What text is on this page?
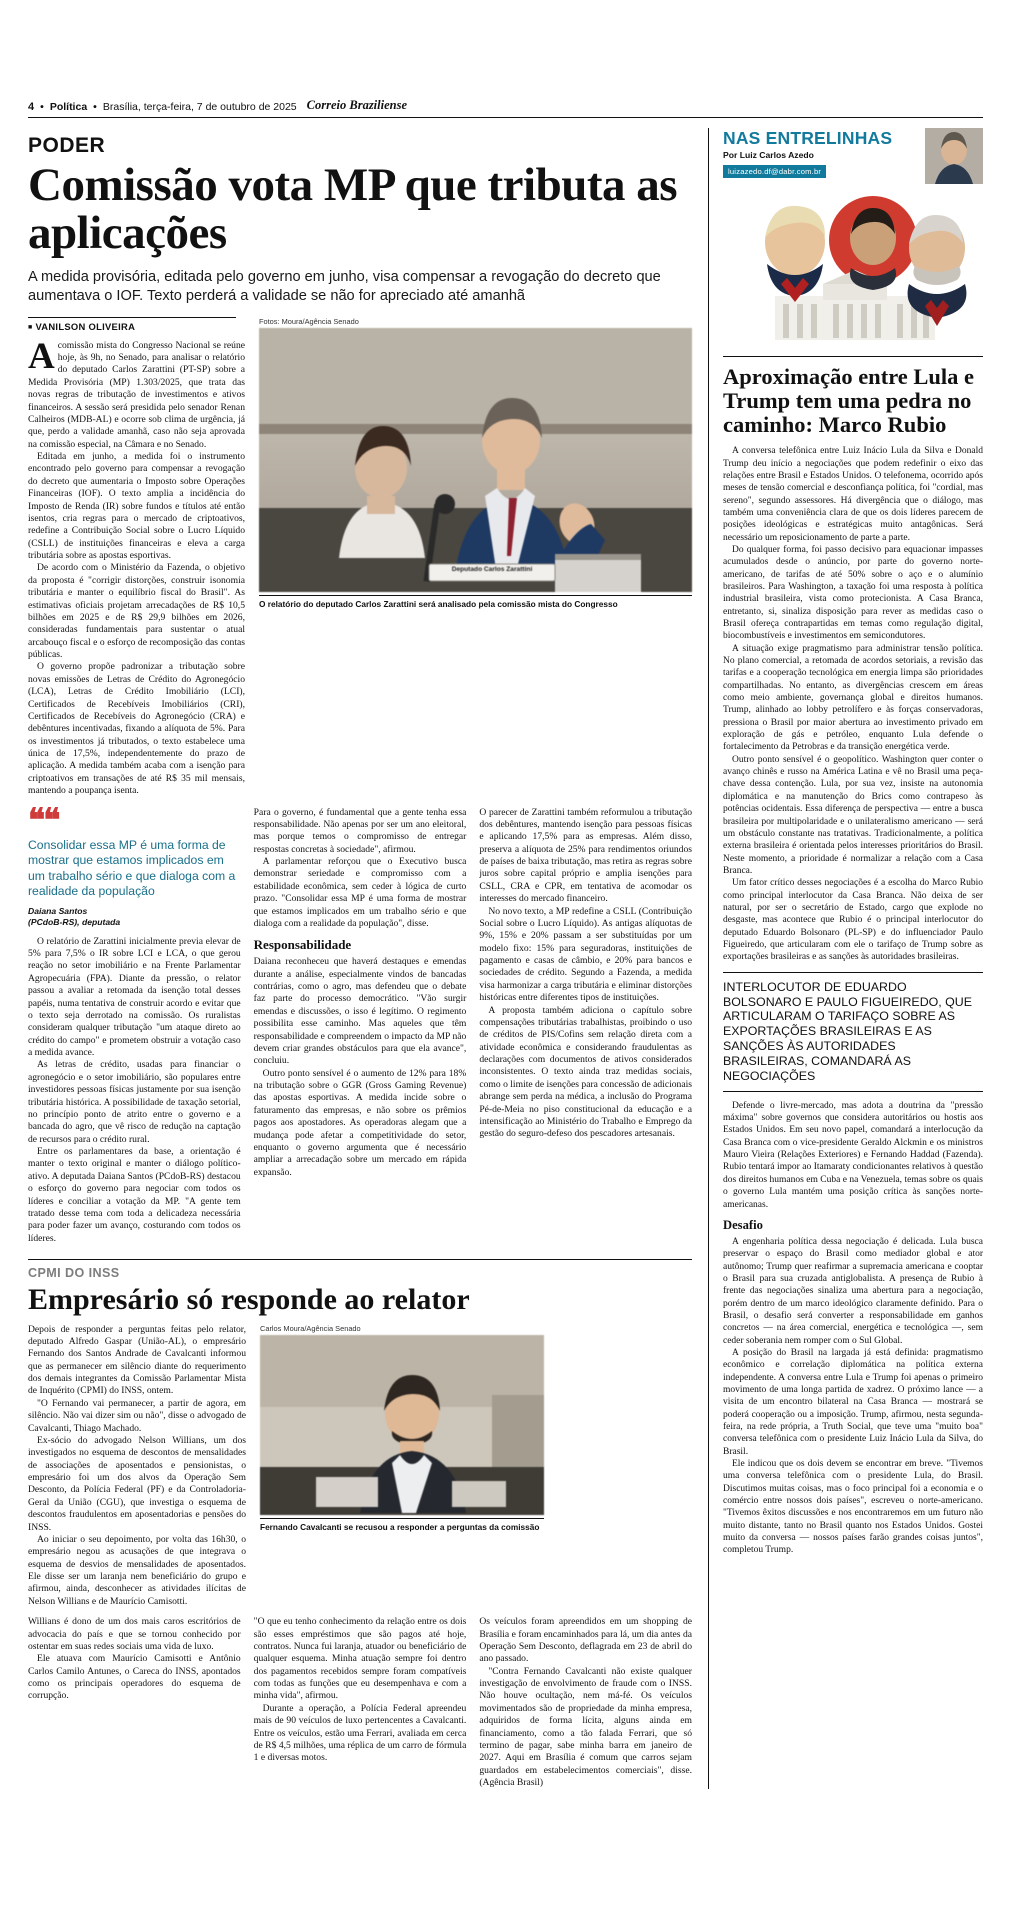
4 • Política • Brasília, terça-feira, 7 de outubro de 2025 Correio Braziliense
PODER
Comissão vota MP que tributa as aplicações

A medida provisória, editada pelo governo em junho, visa compensar a revogação do decreto que aumentava o IOF. Texto perderá a validade se não for apreciado até amanhã

■ VANILSON OLIVEIRA

Acomissão mista do Congresso Nacional se reúne hoje, às 9h, no Senado, para analisar o relatório do deputado Carlos Zarattini (PT-SP) sobre a Medida Provisória (MP) 1.303/2025, que trata das novas regras de tributação de investimentos e ativos financeiros. A sessão será presidida pelo senador Renan Calheiros (MDB-AL) e ocorre sob clima de urgência, já que, perdo a validade amanhã, caso não seja aprovada na comissão especial, na Câmara e no Senado.

Editada em junho, a medida foi o instrumento encontrado pelo governo para compensar a revogação do decreto que aumentaria o Imposto sobre Operações Financeiras (IOF). O texto amplia a incidência do Imposto de Renda (IR) sobre fundos e títulos até então isentos, cria regras para o mercado de criptoativos, redefine a Contribuição Social sobre o Lucro Líquido (CSLL) de instituições financeiras e eleva a carga tributária sobre as apostas esportivas.

De acordo com o Ministério da Fazenda, o objetivo da proposta é "corrigir distorções, construir isonomia tributária e manter o equilíbrio fiscal do Brasil". As estimativas oficiais projetam arrecadações de R$ 10,5 bilhões em 2025 e de R$ 29,9 bilhões em 2026, consideradas fundamentais para sustentar o atual arcabouço fiscal e o esforço de recomposição das contas públicas.

O governo propõe padronizar a tributação sobre novas emissões de Letras de Crédito do Agronegócio (LCA), Letras de Crédito Imobiliário (LCI), Certificados de Recebíveis Imobiliários (CRI), Certificados de Recebíveis do Agronegócio (CRA) e debêntures incentivadas, fixando a alíquota de 5%. Para os investimentos já tributados, o texto estabelece uma única de 17,5%, independentemente do prazo de aplicação. A medida também acaba com a isenção para criptoativos em transações de até R$ 35 mil mensais, mantendo a poupança isenta.

Fotos: Moura/Agência Senado
Deputado Carlos Zarattini
O relatório do deputado Carlos Zarattini será analisado pela comissão mista do Congresso
❝❝
Consolidar essa MP é uma forma de mostrar que estamos implicados em um trabalho sério e que dialoga com a realidade da população
Daiana Santos
(PCdoB-RS), deputada

O relatório de Zarattini inicialmente previa elevar de 5% para 7,5% o IR sobre LCI e LCA, o que gerou reação no setor imobiliário e na Frente Parlamentar Agropecuária (FPA). Diante da pressão, o relator passou a avaliar a retomada da isenção total desses papéis, numa tentativa de construir acordo e evitar que o texto seja derrotado na comissão. Os ruralistas consideram qualquer tributação "um ataque direto ao crédito do campo" e prometem obstruir a votação caso a medida avance.

As letras de crédito, usadas para financiar o agronegócio e o setor imobiliário, são populares entre investidores pessoas físicas justamente por sua isenção tributária histórica. A possibilidade de taxação setorial, no princípio ponto de atrito entre o governo e a bancada do agro, que vê risco de redução na captação de recursos para o crédito rural.

Entre os parlamentares da base, a orientação é manter o texto original e manter o diálogo político-ativo. A deputada Daiana Santos (PCdoB-RS) destacou o esforço do governo para negociar com todos os líderes e conciliar a votação da MP. "A gente tem tratado desse tema com toda a delicadeza necessária para poder fazer um avanço, costurando com todos os líderes.

Para o governo, é fundamental que a gente tenha essa responsabilidade. Não apenas por ser um ano eleitoral, mas porque temos o compromisso de entregar respostas concretas à sociedade", afirmou.

A parlamentar reforçou que o Executivo busca demonstrar seriedade e compromisso com a estabilidade econômica, sem ceder à lógica de curto prazo. "Consolidar essa MP é uma forma de mostrar que estamos implicados em um trabalho sério e que dialoga com a realidade da população", disse.

Responsabilidade

Daiana reconheceu que haverá destaques e emendas durante a análise, especialmente vindos de bancadas contrárias, como o agro, mas defendeu que o debate faz parte do processo democrático. "Vão surgir emendas e discussões, o isso é legítimo. O regimento possibilita esse caminho. Mas aqueles que têm responsabilidade e compreendem o impacto da MP não devem criar grandes obstáculos para que ela avance", concluiu.

Outro ponto sensível é o aumento de 12% para 18% na tributação sobre o GGR (Gross Gaming Revenue) das apostas esportivas. A medida incide sobre o faturamento das empresas, e não sobre os prêmios pagos aos apostadores. As operadoras alegam que a mudança pode afetar a competitividade do setor, enquanto o governo argumenta que é necessário ampliar a arrecadação sobre um mercado em rápida expansão.

O parecer de Zarattini também reformulou a tributação dos debêntures, mantendo isenção para pessoas físicas e aplicando 17,5% para as empresas. Além disso, preserva a alíquota de 25% para rendimentos oriundos de países de baixa tributação, mas retira as regras sobre juros sobre capital próprio e amplia isenções para CSLL, CRA e CPR, em tentativa de acomodar os interesses do mercado financeiro.

No novo texto, a MP redefine a CSLL (Contribuição Social sobre o Lucro Líquido). As antigas alíquotas de 9%, 15% e 20% passam a ser substituídas por um modelo fixo: 15% para seguradoras, instituições de pagamento e casas de câmbio, e 20% para bancos e sociedades de crédito. Segundo a Fazenda, a medida visa harmonizar a carga tributária e eliminar distorções históricas entre diferentes tipos de instituições.

A proposta também adiciona o capítulo sobre compensações tributárias trabalhistas, proibindo o uso de créditos de PIS/Cofins sem relação direta com a atividade econômica e considerando fraudulentas as declarações com documentos de ativos considerados inconsistentes. O texto ainda traz medidas sociais, como o limite de isenções para concessão de adicionais abrange sem perda na médica, a inclusão do Programa Pé-de-Meia no piso constitucional da educação e a intensificação ao Ministério do Trabalho e Emprego da gestão do seguro-defeso dos pescadores artesanais.

CPMI DO INSS
Empresário só responde ao relator

Depois de responder a perguntas feitas pelo relator, deputado Alfredo Gaspar (União-AL), o empresário Fernando dos Santos Andrade de Cavalcanti informou que as permanecer em silêncio diante do requerimento dos demais integrantes da Comissão Parlamentar Mista de Inquérito (CPMI) do INSS, ontem.

"O Fernando vai permanecer, a partir de agora, em silêncio. Não vai dizer sim ou não", disse o advogado de Cavalcanti, Thiago Machado.

Ex-sócio do advogado Nelson Willians, um dos investigados no esquema de descontos de mensalidades de associações de aposentados e pensionistas, o empresário foi um dos alvos da Operação Sem Desconto, da Polícia Federal (PF) e da Controladoria-Geral da União (CGU), que investiga o esquema de descontos fraudulentos em aposentadorias e pensões do INSS.

Ao iniciar o seu depoimento, por volta das 16h30, o empresário negou as acusações de que integrava o esquema de desvios de mensalidades de aposentados. Ele disse ser um laranja nem beneficiário do grupo e afirmou, ainda, desconhecer as atividades ilícitas de Nelson Willians e de Maurício Camisotti.

Carlos Moura/Agência Senado
Fernando Cavalcanti se recusou a responder a perguntas da comissão

Willians é dono de um dos mais caros escritórios de advocacia do país e que se tornou conhecido por ostentar em suas redes sociais uma vida de luxo.

Ele atuava com Maurício Camisotti e Antônio Carlos Camilo Antunes, o Careca do INSS, apontados como os principais operadores do esquema de corrupção.

"O que eu tenho conhecimento da relação entre os dois são esses empréstimos que são pagos até hoje, contratos. Nunca fui laranja, atuador ou beneficiário de qualquer esquema. Minha atuação sempre foi dentro dos pagamentos recebidos sempre foram compatíveis com todas as funções que eu desempenhava e com a minha vida", afirmou.

Durante a operação, a Polícia Federal apreendeu mais de 90 veículos de luxo pertencentes a Cavalcanti. Entre os veículos, estão uma Ferrari, avaliada em cerca de R$ 4,5 milhões, uma réplica de um carro de fórmula 1 e diversas motos.

Os veículos foram apreendidos em um shopping de Brasília e foram encaminhados para lá, um dia antes da Operação Sem Desconto, deflagrada em 23 de abril do ano passado.

"Contra Fernando Cavalcanti não existe qualquer investigação de envolvimento de fraude com o INSS. Não houve ocultação, nem má-fé. Os veículos movimentados são de propriedade da minha empresa, adquiridos de forma lícita, alguns ainda em financiamento, como a tão falada Ferrari, que só termino de pagar, sabe minha barra em janeiro de 2027. Aqui em Brasília é comum que carros sejam guardados em estabelecimentos comerciais", disse. (Agência Brasil)

NAS ENTRELINHAS
Por Luiz Carlos Azedo
luizazedo.df@dabr.com.br
Aproximação entre Lula e Trump tem uma pedra no caminho: Marco Rubio

A conversa telefônica entre Luiz Inácio Lula da Silva e Donald Trump deu início a negociações que podem redefinir o eixo das relações entre Brasil e Estados Unidos. O telefonema, ocorrido após meses de tensão comercial e desconfiança política, foi "cordial, mas sereno", segundo assessores. Há divergência que o diálogo, mas também uma conveniência clara de que os dois líderes parecem de posições ideológicas e estratégicas muito antagônicas. Será necessário um reposicionamento de parte a parte.

Do qualquer forma, foi passo decisivo para equacionar impasses acumulados desde o anúncio, por parte do governo norte-americano, de tarifas de até 50% sobre o aço e o alumínio brasileiros. Para Washington, a taxação foi uma resposta à política industrial brasileira, vista como protecionista. A Casa Branca, entretanto, si, sinaliza disposição para rever as medidas caso o Brasil ofereça contrapartidas em temas como regulação digital, biocombustíveis e investimentos em semicondutores.

A situação exige pragmatismo para administrar tensão política. No plano comercial, a retomada de acordos setoriais, a revisão das tarifas e a cooperação tecnológica em energia limpa são prioridades compartilhadas. No entanto, as divergências crescem em áreas como meio ambiente, governança global e direitos humanos. Trump, alinhado ao lobby petrolífero e às forças conservadoras, pressiona o Brasil por maior abertura ao investimento privado em exploração de gás e petróleo, enquanto Lula defende o fortalecimento da Petrobras e da transição energética verde.

Outro ponto sensível é o geopolítico. Washington quer conter o avanço chinês e russo na América Latina e vê no Brasil uma peça-chave dessa contenção. Lula, por sua vez, insiste na autonomia diplomática e na manutenção do Brics como contrapeso às potências ocidentais. Essa diferença de perspectiva — entre a busca brasileira por multipolaridade e o unilateralismo americano — será um obstáculo constante nas tratativas. Tradicionalmente, a política externa brasileira é orientada pelos interesses prioritários do Brasil. Neste momento, a prioridade é normalizar a relação com a Casa Branca.

Um fator crítico desses negociações é a escolha do Marco Rubio como principal interlocutor da Casa Branca. Não deixa de ser natural, por ser o secretário de Estado, cargo que explode no desgaste, mas acontece que Rubio é o principal interlocutor do deputado Eduardo Bolsonaro (PL-SP) e do influenciador Paulo Figueiredo, que articularam com ele o tarifaço de Trump sobre as exportações brasileiras e as sanções às autoridades brasileiras.

INTERLOCUTOR DE EDUARDO BOLSONARO E PAULO FIGUEIREDO, QUE ARTICULARAM O TARIFAÇO SOBRE AS EXPORTAÇÕES BRASILEIRAS E AS SANÇÕES ÀS AUTORIDADES BRASILEIRAS, COMANDARÁ AS NEGOCIAÇÕES

Defende o livre-mercado, mas adota a doutrina da "pressão máxima" sobre governos que considera autoritários ou hostis aos Estados Unidos. Em seu novo papel, comandará a interlocução da Casa Branca com o vice-presidente Geraldo Alckmin e os ministros Mauro Vieira (Relações Exteriores) e Fernando Haddad (Fazenda). Rubio tentará impor ao Itamaraty condicionantes relativos à questão dos direitos humanos em Cuba e na Venezuela, temas sobre os quais o governo Lula mantém uma posição crítica às sanções norte-americanas.

Desafio

A engenharia política dessa negociação é delicada. Lula busca preservar o espaço do Brasil como mediador global e ator autônomo; Trump quer reafirmar a supremacia americana e cooptar o Brasil para sua cruzada antiglobalista. A presença de Rubio à frente das negociações sinaliza uma abertura para a negociação, porém dentro de um marco ideológico claramente definido. Para o Brasil, o desafio será converter a responsabilidade em ganhos concretos — na área comercial, energética e tecnológica —, sem ceder soberania nem romper com o Sul Global.

A posição do Brasil na largada já está definida: pragmatismo econômico e correlação diplomática na política externa independente. A conversa entre Lula e Trump foi apenas o primeiro movimento de uma longa partida de xadrez. O próximo lance — a visita de um encontro bilateral na Casa Branca — mostrará se poderá cooperação ou a imposição. Trump, afirmou, nesta segunda-feira, na rede própria, a Truth Social, que teve uma "muito boa" conversa telefônica com o presidente Luiz Inácio Lula da Silva, do Brasil.

Ele indicou que os dois devem se encontrar em breve. "Tivemos uma conversa telefônica com o presidente Lula, do Brasil. Discutimos muitas coisas, mas o foco principal foi a economia e o comércio entre nossos dois países", escreveu o norte-americano. "Tivemos êxitos discussões e nos encontraremos em um futuro não muito distante, tanto no Brasil quanto nos Estados Unidos. Gostei muito da conversa — nossos países farão grandes coisas juntos", completou Trump.
